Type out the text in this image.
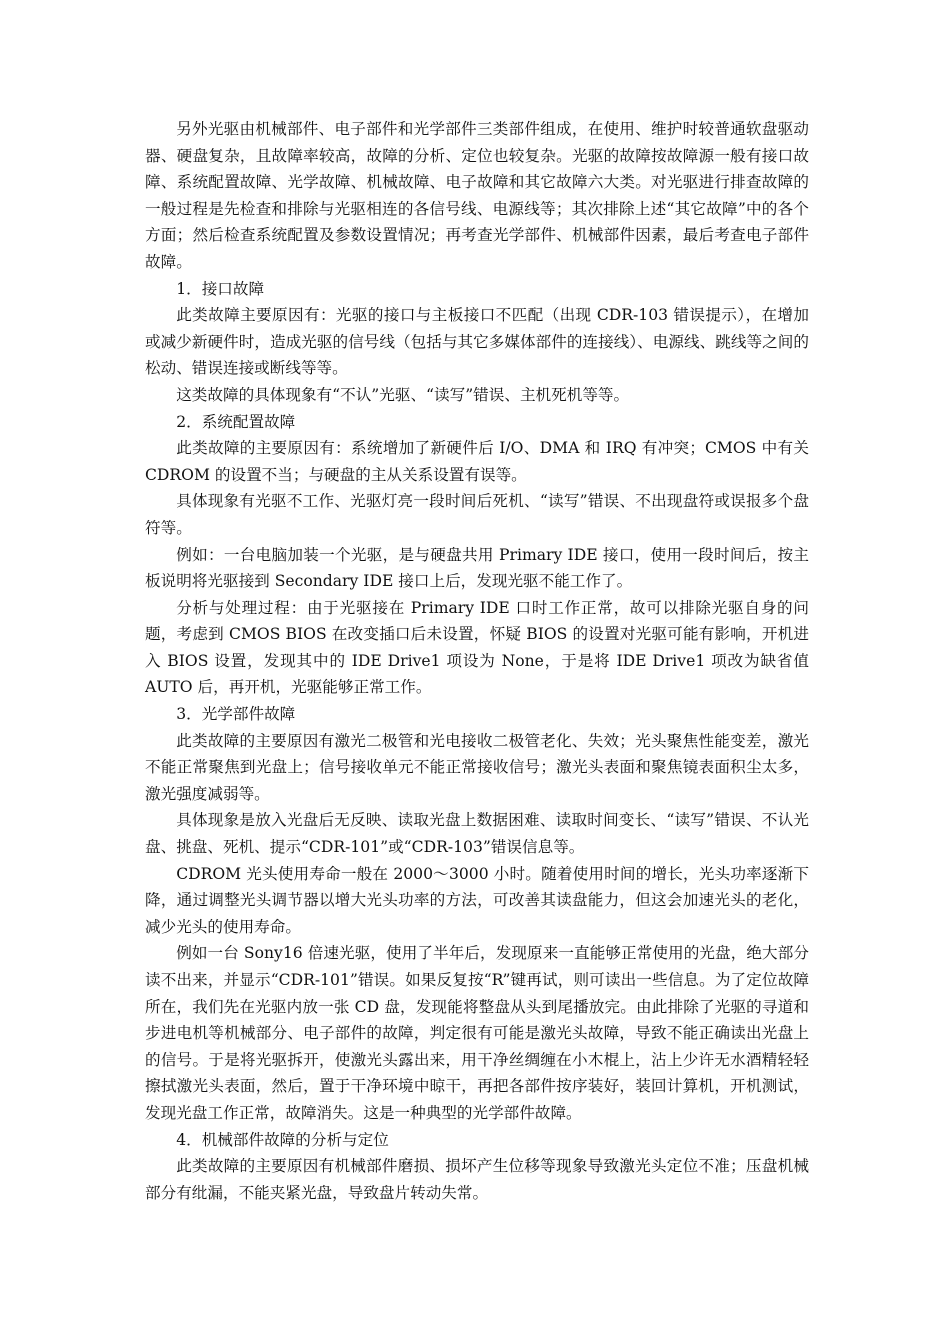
另外光驱由机械部件、电子部件和光学部件三类部件组成，在使用、维护时较普通软盘驱动器、硬盘复杂，且故障率较高，故障的分析、定位也较复杂。光驱的故障按故障源一般有接口故障、系统配置故障、光学故障、机械故障、电子故障和其它故障六大类。对光驱进行排查故障的一般过程是先检查和排除与光驱相连的各信号线、电源线等；其次排除上述“其它故障”中的各个方面；然后检查系统配置及参数设置情况；再考查光学部件、机械部件因素，最后考查电子部件故障。

1．接口故障

此类故障主要原因有：光驱的接口与主板接口不匹配（出现 CDR-103 错误提示），在增加或减少新硬件时，造成光驱的信号线（包括与其它多媒体部件的连接线）、电源线、跳线等之间的松动、错误连接或断线等等。

这类故障的具体现象有“不认”光驱、“读写”错误、主机死机等等。

2．系统配置故障

此类故障的主要原因有：系统增加了新硬件后 I/O、DMA 和 IRQ 有冲突；CMOS 中有关 CDROM 的设置不当；与硬盘的主从关系设置有误等。

具体现象有光驱不工作、光驱灯亮一段时间后死机、“读写”错误、不出现盘符或误报多个盘符等。

例如：一台电脑加装一个光驱，是与硬盘共用 Primary IDE 接口，使用一段时间后，按主板说明将光驱接到 Secondary IDE 接口上后，发现光驱不能工作了。

分析与处理过程：由于光驱接在 Primary IDE 口时工作正常，故可以排除光驱自身的问题，考虑到 CMOS BIOS 在改变插口后未设置，怀疑 BIOS 的设置对光驱可能有影响，开机进入 BIOS 设置，发现其中的 IDE Drive1 项设为 None，于是将 IDE Drive1 项改为缺省值 AUTO 后，再开机，光驱能够正常工作。

3．光学部件故障

此类故障的主要原因有激光二极管和光电接收二极管老化、失效；光头聚焦性能变差，激光不能正常聚焦到光盘上；信号接收单元不能正常接收信号；激光头表面和聚焦镜表面积尘太多，激光强度减弱等。

具体现象是放入光盘后无反映、读取光盘上数据困难、读取时间变长、“读写”错误、不认光盘、挑盘、死机、提示“CDR-101”或“CDR-103”错误信息等。

CDROM 光头使用寿命一般在 2000～3000 小时。随着使用时间的增长，光头功率逐渐下降，通过调整光头调节器以增大光头功率的方法，可改善其读盘能力，但这会加速光头的老化，减少光头的使用寿命。

例如一台 Sony16 倍速光驱，使用了半年后，发现原来一直能够正常使用的光盘，绝大部分读不出来，并显示“CDR-101”错误。如果反复按“R”键再试，则可读出一些信息。为了定位故障所在，我们先在光驱内放一张 CD 盘，发现能将整盘从头到尾播放完。由此排除了光驱的寻道和步进电机等机械部分、电子部件的故障，判定很有可能是激光头故障，导致不能正确读出光盘上的信号。于是将光驱拆开，使激光头露出来，用干净丝绸缠在小木棍上，沾上少许无水酒精轻轻擦拭激光头表面，然后，置于干净环境中晾干，再把各部件按序装好，装回计算机，开机测试，发现光盘工作正常，故障消失。这是一种典型的光学部件故障。

4．机械部件故障的分析与定位

此类故障的主要原因有机械部件磨损、损坏产生位移等现象导致激光头定位不准；压盘机械部分有纰漏，不能夹紧光盘，导致盘片转动失常。
